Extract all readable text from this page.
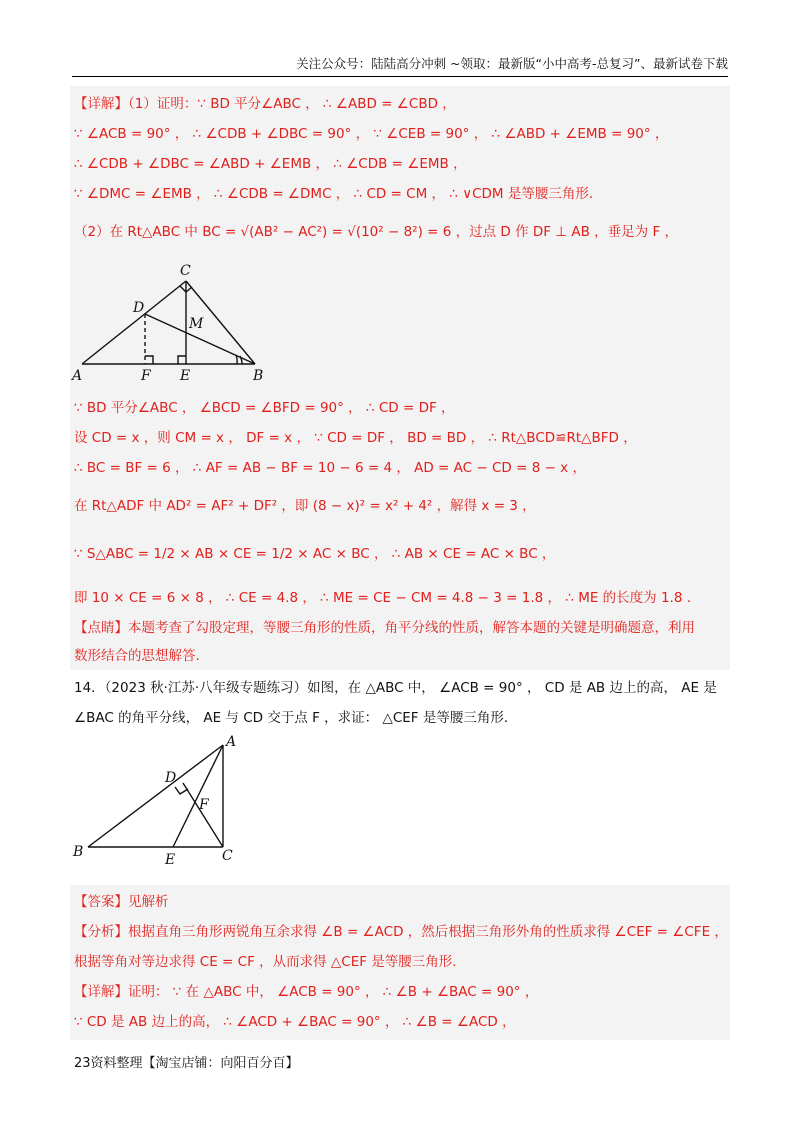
关注公众号：陆陆高分冲刺 ~领取：最新版“小中高考-总复习”、最新试卷下载
【详解】（1）证明：∵ BD 平分∠ABC ， ∴ ∠ABD = ∠CBD ，
∵ ∠ACB = 90° ， ∴ ∠CDB + ∠DBC = 90° ， ∵ ∠CEB = 90° ， ∴ ∠ABD + ∠EMB = 90° ，
∴ ∠CDB + ∠DBC = ∠ABD + ∠EMB ， ∴ ∠CDB = ∠EMB ，
∵ ∠DMC = ∠EMB ， ∴ ∠CDB = ∠DMC ， ∴ CD = CM ， ∴ ∨CDM 是等腰三角形.
（2）在 Rt△ABC 中 BC = √(AB² − AC²) = √(10² − 8²) = 6 ，过点 D 作 DF ⊥ AB ，垂足为 F ，
C
D
M
A	F E	B
∵ BD 平分∠ABC ， ∠BCD = ∠BFD = 90° ， ∴ CD = DF ，
设 CD = x ，则 CM = x ， DF = x ， ∵ CD = DF ， BD = BD ， ∴ Rt△BCD≌Rt△BFD ，
∴ BC = BF = 6 ， ∴ AF = AB − BF = 10 − 6 = 4 ， AD = AC − CD = 8 − x ，
在 Rt△ADF 中 AD² = AF² + DF² ，即 (8 − x)² = x² + 4² ，解得 x = 3 ，
∵ S△ABC = 1/2 × AB × CE = 1/2 × AC × BC ， ∴ AB × CE = AC × BC ，
即 10 × CE = 6 × 8 ， ∴ CE = 4.8 ， ∴ ME = CE − CM = 4.8 − 3 = 1.8 ， ∴ ME 的长度为 1.8 .
【点睛】本题考查了勾股定理，等腰三角形的性质，角平分线的性质，解答本题的关键是明确题意，利用
数形结合的思想解答.
14．（2023 秋·江苏·八年级专题练习）如图，在 △ABC 中， ∠ACB = 90° ， CD 是 AB 边上的高， AE 是
∠BAC 的角平分线， AE 与 CD 交于点 F ，求证： △CEF 是等腰三角形.
A
D
F
B	E	C
【答案】见解析
【分析】根据直角三角形两锐角互余求得 ∠B = ∠ACD ，然后根据三角形外角的性质求得 ∠CEF = ∠CFE ，
根据等角对等边求得 CE = CF ，从而求得 △CEF 是等腰三角形.
【详解】证明： ∵ 在 △ABC 中， ∠ACB = 90° ， ∴ ∠B + ∠BAC = 90° ，
∵ CD 是 AB 边上的高， ∴ ∠ACD + ∠BAC = 90° ， ∴ ∠B = ∠ACD ，
23资料整理【淘宝店铺：向阳百分百】
